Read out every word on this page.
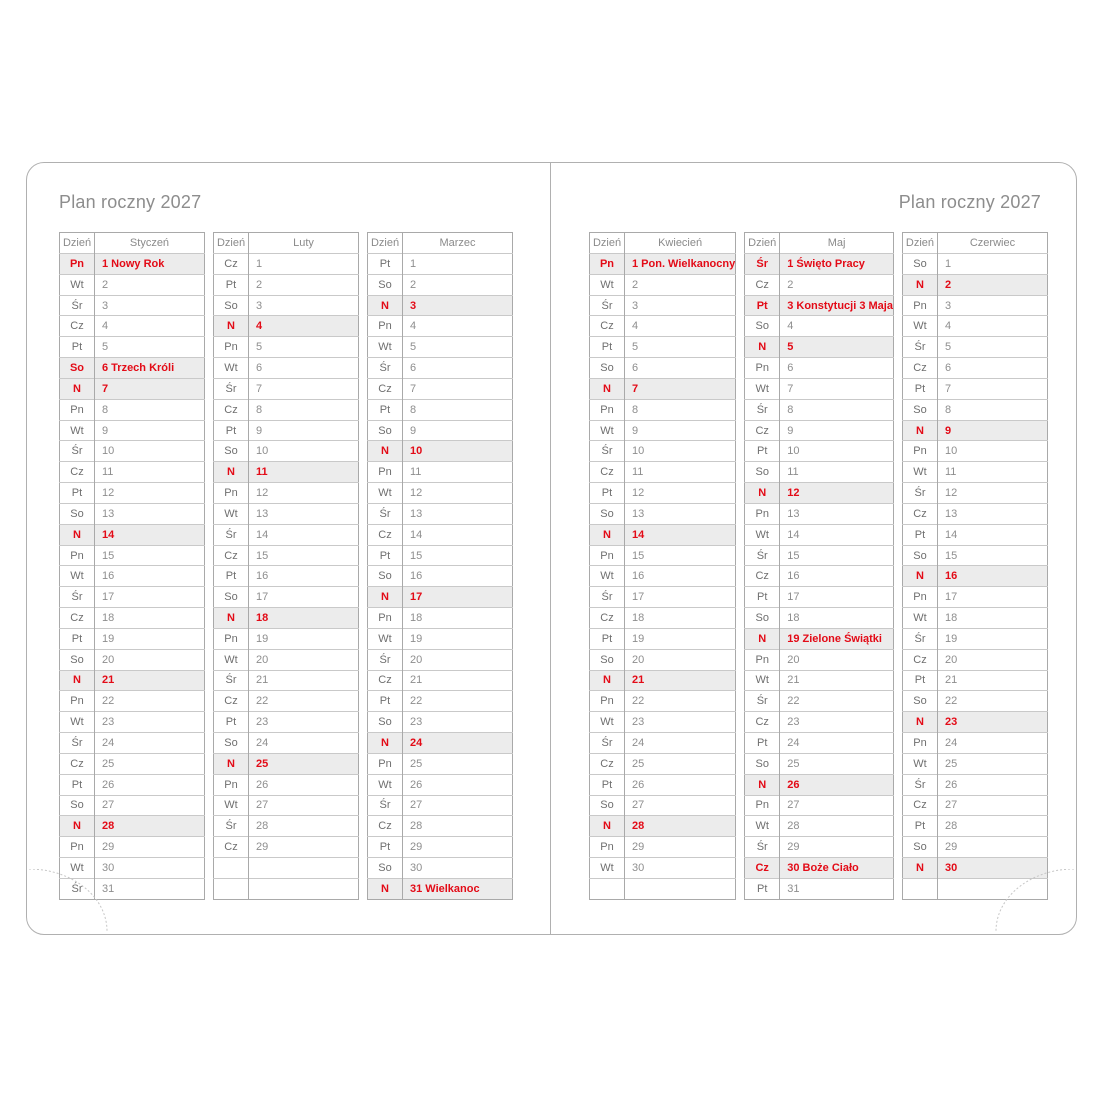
Plan roczny 2027
Dzień	Styczeń
Pn	1 Nowy Rok
Wt	2
Śr	3
Cz	4
Pt	5
So	6 Trzech Króli
N	7
Pn	8
Wt	9
Śr	10
Cz	11
Pt	12
So	13
N	14
Pn	15
Wt	16
Śr	17
Cz	18
Pt	19
So	20
N	21
Pn	22
Wt	23
Śr	24
Cz	25
Pt	26
So	27
N	28
Pn	29
Wt	30
Śr	31
Dzień	Luty
Cz	1
Pt	2
So	3
N	4
Pn	5
Wt	6
Śr	7
Cz	8
Pt	9
So	10
N	11
Pn	12
Wt	13
Śr	14
Cz	15
Pt	16
So	17
N	18
Pn	19
Wt	20
Śr	21
Cz	22
Pt	23
So	24
N	25
Pn	26
Wt	27
Śr	28
Cz	29

Dzień	Marzec
Pt	1
So	2
N	3
Pn	4
Wt	5
Śr	6
Cz	7
Pt	8
So	9
N	10
Pn	11
Wt	12
Śr	13
Cz	14
Pt	15
So	16
N	17
Pn	18
Wt	19
Śr	20
Cz	21
Pt	22
So	23
N	24
Pn	25
Wt	26
Śr	27
Cz	28
Pt	29
So	30
N	31 Wielkanoc
Plan roczny 2027
Dzień	Kwiecień
Pn	1 Pon. Wielkanocny
Wt	2
Śr	3
Cz	4
Pt	5
So	6
N	7
Pn	8
Wt	9
Śr	10
Cz	11
Pt	12
So	13
N	14
Pn	15
Wt	16
Śr	17
Cz	18
Pt	19
So	20
N	21
Pn	22
Wt	23
Śr	24
Cz	25
Pt	26
So	27
N	28
Pn	29
Wt	30

Dzień	Maj
Śr	1 Święto Pracy
Cz	2
Pt	3 Konstytucji 3 Maja
So	4
N	5
Pn	6
Wt	7
Śr	8
Cz	9
Pt	10
So	11
N	12
Pn	13
Wt	14
Śr	15
Cz	16
Pt	17
So	18
N	19 Zielone Świątki
Pn	20
Wt	21
Śr	22
Cz	23
Pt	24
So	25
N	26
Pn	27
Wt	28
Śr	29
Cz	30 Boże Ciało
Pt	31
Dzień	Czerwiec
So	1
N	2
Pn	3
Wt	4
Śr	5
Cz	6
Pt	7
So	8
N	9
Pn	10
Wt	11
Śr	12
Cz	13
Pt	14
So	15
N	16
Pn	17
Wt	18
Śr	19
Cz	20
Pt	21
So	22
N	23
Pn	24
Wt	25
Śr	26
Cz	27
Pt	28
So	29
N	30
